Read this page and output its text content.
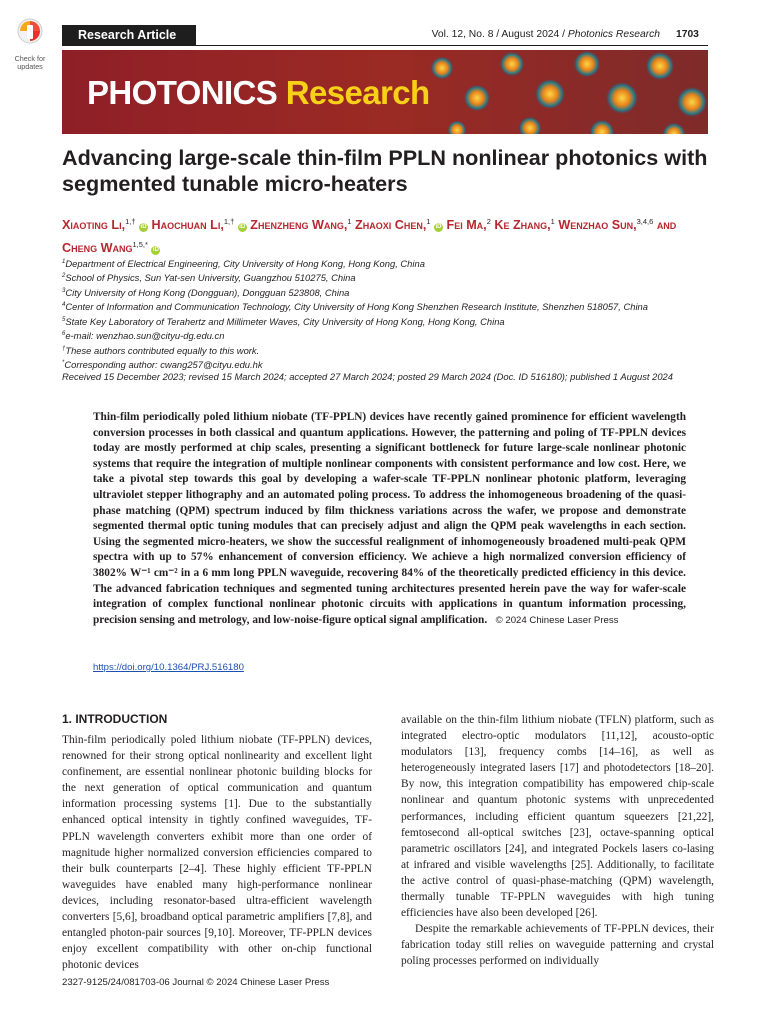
Check for
updates
Research Article	Vol. 12, No. 8 / August 2024 / Photonics Research 1703
PHOTONICS Research
Advancing large-scale thin-film PPLN nonlinear photonics with segmented tunable micro-heaters
Xiaoting Li,$^{1,\dagger}$ iD Haochuan Li,$^{1,\dagger}$ iD Zhenzheng Wang,$^1$ Zhaoxi Chen,$^1$ iD Fei Ma,$^2$ Ke Zhang,$^1$ Wenzhao Sun,$^{3,4,6}$ and Cheng Wang$^{1,5,*}$ iD
$^1$Department of Electrical Engineering, City University of Hong Kong, Hong Kong, China
$^2$School of Physics, Sun Yat-sen University, Guangzhou 510275, China
$^3$City University of Hong Kong (Dongguan), Dongguan 523808, China
$^4$Center of Information and Communication Technology, City University of Hong Kong Shenzhen Research Institute, Shenzhen 518057, China
$^5$State Key Laboratory of Terahertz and Millimeter Waves, City University of Hong Kong, Hong Kong, China
$^6$e-mail: wenzhao.sun@cityu-dg.edu.cn
†These authors contributed equally to this work.
*Corresponding author: cwang257@cityu.edu.hk
Received 15 December 2023; revised 15 March 2024; accepted 27 March 2024; posted 29 March 2024 (Doc. ID 516180); published 1 August 2024
Thin-film periodically poled lithium niobate (TF-PPLN) devices have recently gained prominence for efficient wavelength conversion processes in both classical and quantum applications. However, the patterning and poling of TF-PPLN devices today are mostly performed at chip scales, presenting a significant bottleneck for future large-scale nonlinear photonic systems that require the integration of multiple nonlinear components with consistent performance and low cost. Here, we take a pivotal step towards this goal by developing a wafer-scale TF-PPLN nonlinear photonic platform, leveraging ultraviolet stepper lithography and an automated poling process. To address the inhomogeneous broadening of the quasi-phase matching (QPM) spectrum induced by film thickness variations across the wafer, we propose and demonstrate segmented thermal optic tuning modules that can precisely adjust and align the QPM peak wavelengths in each section. Using the segmented micro-heaters, we show the successful realignment of inhomogeneously broadened multi-peak QPM spectra with up to 57% enhancement of conversion efficiency. We achieve a high normalized conversion efficiency of 3802% W⁻¹ cm⁻² in a 6 mm long PPLN waveguide, recovering 84% of the theoretically predicted efficiency in this device. The advanced fabrication techniques and segmented tuning architectures presented herein pave the way for wafer-scale integration of complex functional nonlinear photonic circuits with applications in quantum information processing, precision sensing and metrology, and low-noise-figure optical signal amplification. © 2024 Chinese Laser Press
https://doi.org/10.1364/PRJ.516180
1. INTRODUCTION
Thin-film periodically poled lithium niobate (TF-PPLN) devices, renowned for their strong optical nonlinearity and excellent light confinement, are essential nonlinear photonic building blocks for the next generation of optical communication and quantum information processing systems [1]. Due to the substantially enhanced optical intensity in tightly confined waveguides, TF-PPLN wavelength converters exhibit more than one order of magnitude higher normalized conversion efficiencies compared to their bulk counterparts [2–4]. These highly efficient TF-PPLN waveguides have enabled many high-performance nonlinear devices, including resonator-based ultra-efficient wavelength converters [5,6], broadband optical parametric amplifiers [7,8], and entangled photon-pair sources [9,10]. Moreover, TF-PPLN devices enjoy excellent compatibility with other on-chip functional photonic devices
available on the thin-film lithium niobate (TFLN) platform, such as integrated electro-optic modulators [11,12], acousto-optic modulators [13], frequency combs [14–16], as well as heterogeneously integrated lasers [17] and photodetectors [18–20]. By now, this integration compatibility has empowered chip-scale nonlinear and quantum photonic systems with unprecedented performances, including efficient quantum squeezers [21,22], femtosecond all-optical switches [23], octave-spanning optical parametric oscillators [24], and integrated Pockels lasers co-lasing at infrared and visible wavelengths [25]. Additionally, to facilitate the active control of quasi-phase-matching (QPM) wavelength, thermally tunable TF-PPLN waveguides with high tuning efficiencies have also been developed [26].
Despite the remarkable achievements of TF-PPLN devices, their fabrication today still relies on waveguide patterning and crystal poling processes performed on individually
2327-9125/24/081703-06 Journal © 2024 Chinese Laser Press
